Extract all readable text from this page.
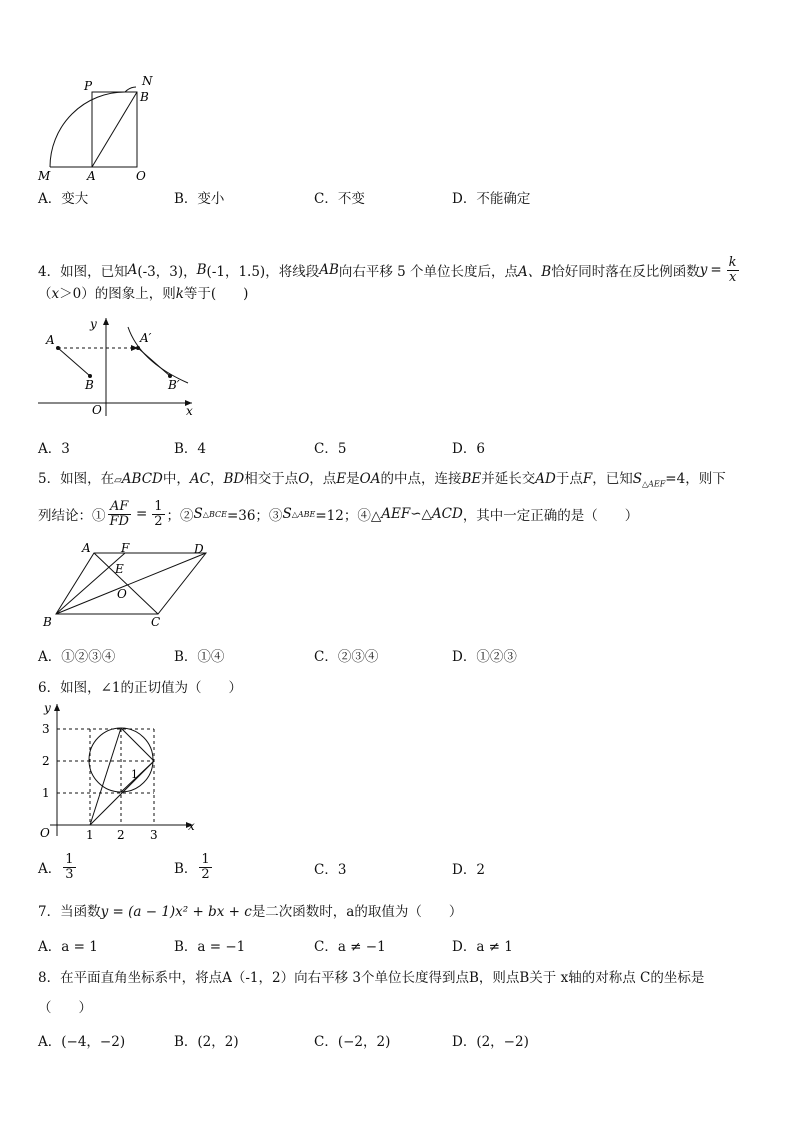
P	N
B
M	A	O
A．变大	B．变小	C．不变	D．不能确定
4．如图，已知 A (-3，3)， B (-1，1.5)，将线段 AB 向右平移 5 个单位长度后，点 A、B 恰好同时落在反比例函数 $y = \frac{k}{x}$
（x＞0）的图象上，则k等于(　　)
y
A
B
A′
B′
O	x
A．3	B．4	C．5	D．6
5．如图，在▱ABCD中，AC，BD相交于点O，点E是OA的中点，连接BE并延长交AD于点F，已知$S_{\triangle AEF}=4$，则下
列结论：① $\frac{AF}{FD} = \frac{1}{2}$ ；② S △BCE =36；③ S △ABE =12；④△ AEF ∽ △ ACD ，其中一定正确的是（　　）
A	F	D
E
O
B	C
A．①②③④	B．①④	C．②③④	D．①②③
6．如图，∠1的正切值为（　　）
y
3
2
1
O	1 2 3
x
1
A． $\frac{1}{3}$	B． $\frac{1}{2}$	C．3	D．2
7．当函数y = (a − 1)x² + bx + c是二次函数时，a的取值为（　　）
A．a = 1	B．a = −1	C．a ≠ −1	D．a ≠ 1
8．在平面直角坐标系中，将点A（-1，2）向右平移 3个单位长度得到点B，则点B关于 x轴的对称点 C的坐标是
（　　）
A．(−4，−2)	B．(2，2)	C．(−2，2)	D．(2，−2)
